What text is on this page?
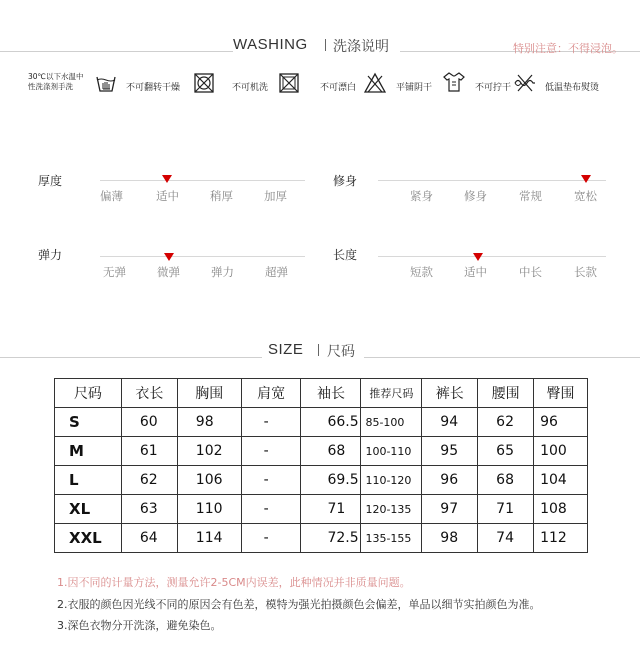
WASHING 洗涤说明	特别注意：不得浸泡。
30℃以下水温中
性洗涤剂手洗	不可翻转干燥	不可机洗	不可漂白	平铺阴干	不可拧干	低温垫布熨烫
厚度
偏薄	适中	稍厚	加厚
修身
紧身	修身	常规	宽松
弹力
无弹	微弹	弹力	超弹
长度
短款	适中	中长	长款
SIZE 尺码
尺码	衣长	胸围	肩宽	袖长	推荐尺码	裤长	腰围	臀围
S	60	98	-	66.5	85-100	94	62	96
M	61	102	-	68	100-110	95	65	100
L	62	106	-	69.5	110-120	96	68	104
XL	63	110	-	71	120-135	97	71	108
XXL	64	114	-	72.5	135-155	98	74	112
1.因不同的计量方法，测量允许2-5CM内误差，此种情况并非质量问题。
2.衣服的颜色因光线不同的原因会有色差，模特为强光拍摄颜色会偏差，单品以细节实拍颜色为准。
3.深色衣物分开洗涤，避免染色。
